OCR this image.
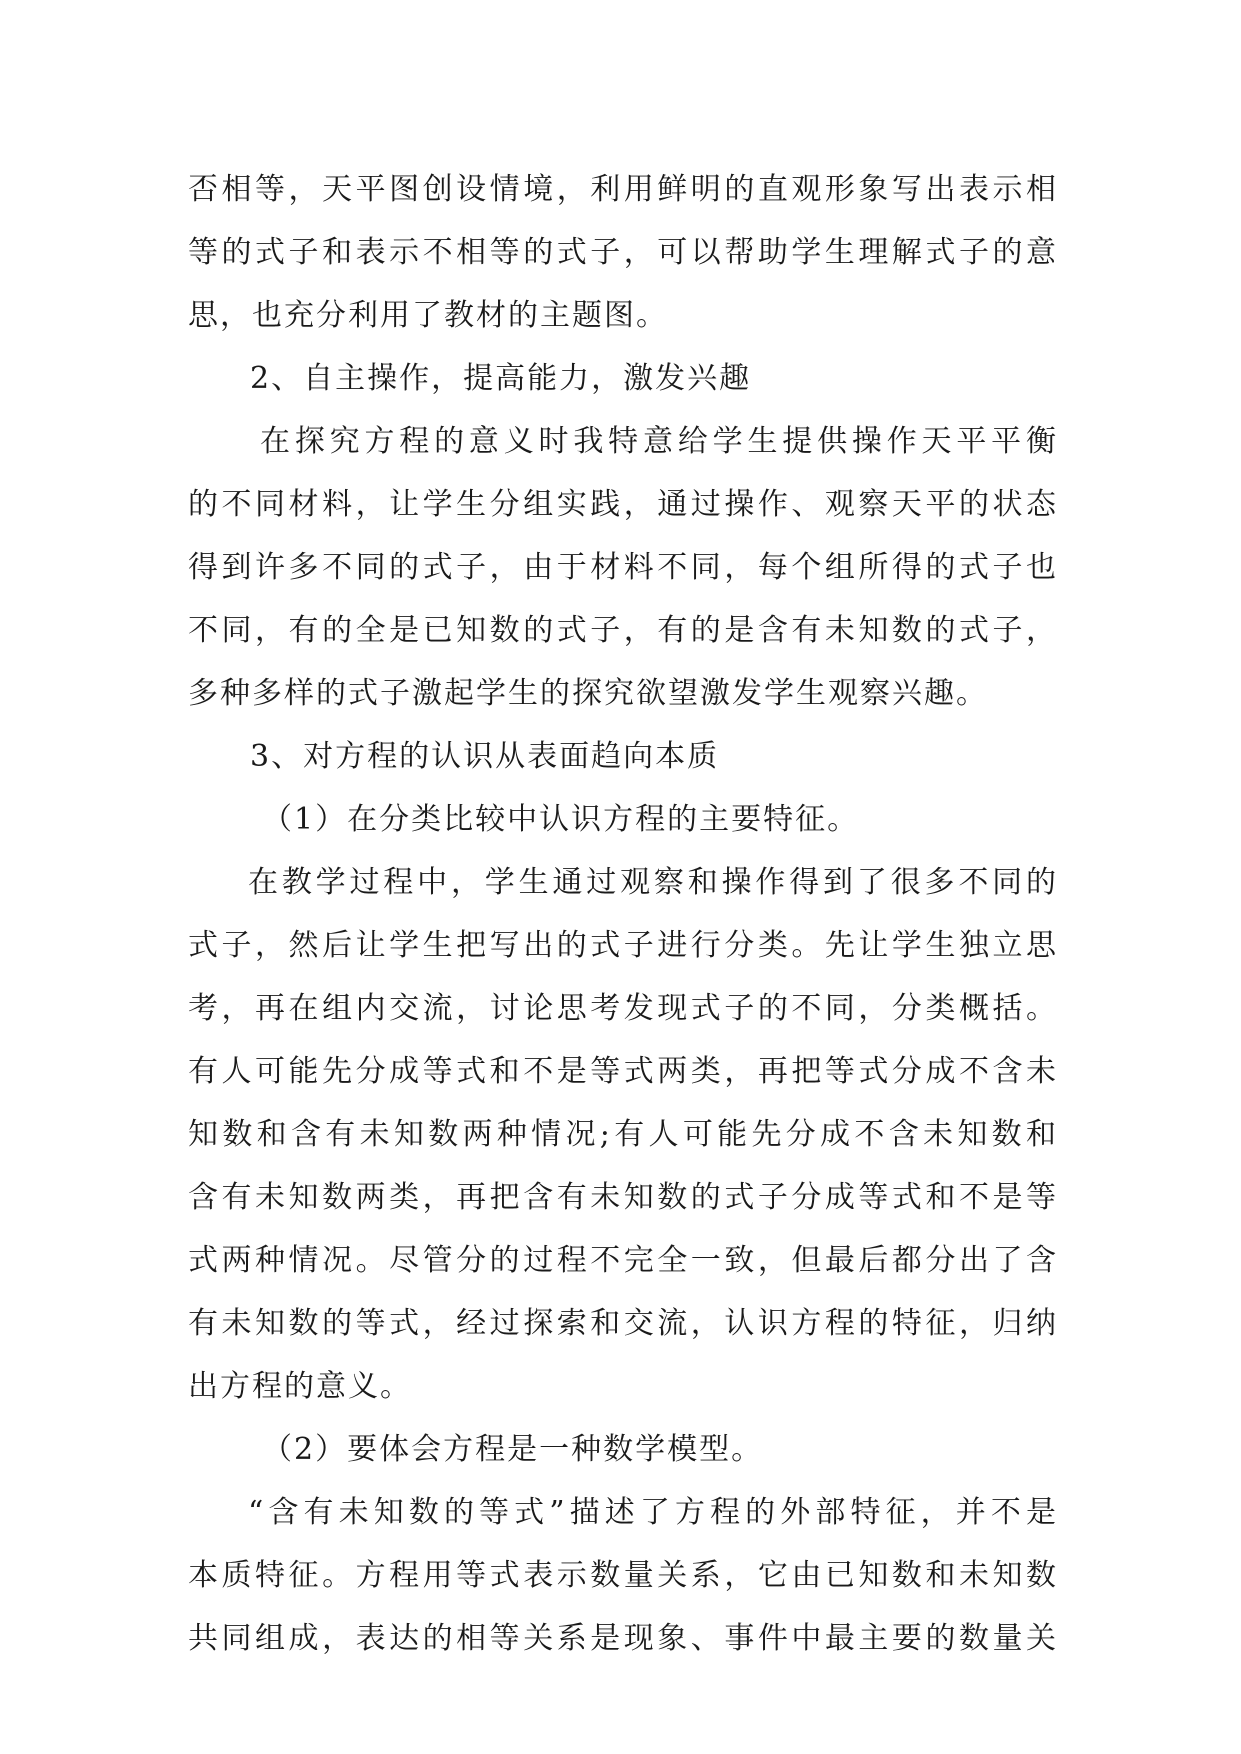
否相等，天平图创设情境，利用鲜明的直观形象写出表示相
等的式子和表示不相等的式子，可以帮助学生理解式子的意
思，也充分利用了教材的主题图。
2、自主操作，提高能力，激发兴趣
在探究方程的意义时我特意给学生提供操作天平平衡
的不同材料，让学生分组实践，通过操作、观察天平的状态
得到许多不同的式子，由于材料不同，每个组所得的式子也
不同，有的全是已知数的式子，有的是含有未知数的式子，
多种多样的式子激起学生的探究欲望激发学生观察兴趣。
3、对方程的认识从表面趋向本质
（1）在分类比较中认识方程的主要特征。
在教学过程中，学生通过观察和操作得到了很多不同的
式子，然后让学生把写出的式子进行分类。先让学生独立思
考，再在组内交流，讨论思考发现式子的不同，分类概括。
有人可能先分成等式和不是等式两类，再把等式分成不含未
知数和含有未知数两种情况;有人可能先分成不含未知数和
含有未知数两类，再把含有未知数的式子分成等式和不是等
式两种情况。尽管分的过程不完全一致，但最后都分出了含
有未知数的等式，经过探索和交流，认识方程的特征，归纳
出方程的意义。
（2）要体会方程是一种数学模型。
“含有未知数的等式”描述了方程的外部特征，并不是
本质特征。方程用等式表示数量关系，它由已知数和未知数
共同组成，表达的相等关系是现象、事件中最主要的数量关
